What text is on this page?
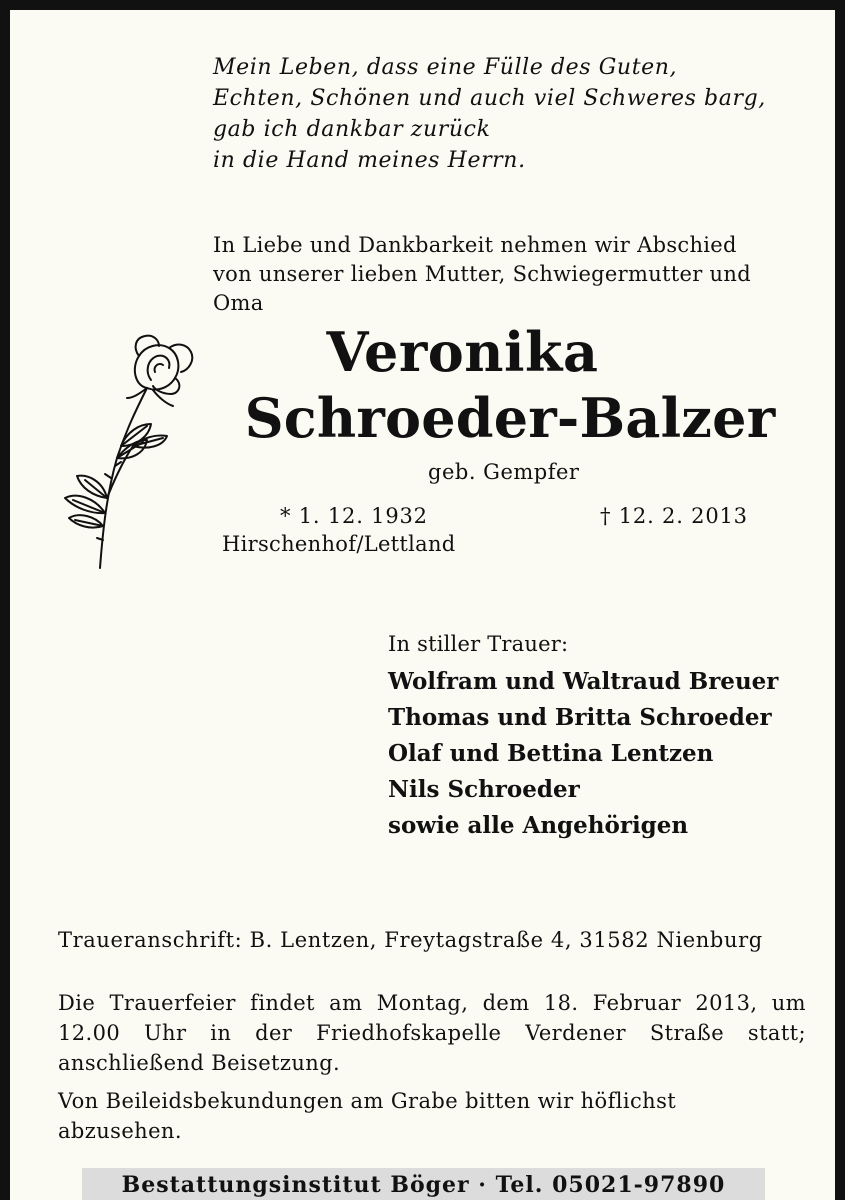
Mein Leben, dass eine Fülle des Guten,
Echten, Schönen und auch viel Schweres barg,
gab ich dankbar zurück
in die Hand meines Herrn.
In Liebe und Dankbarkeit nehmen wir Abschied
von unserer lieben Mutter, Schwiegermutter und
Oma
Veronika
Schroeder-Balzer
geb. Gempfer
* 1. 12. 1932	† 12. 2. 2013
Hirschenhof/Lettland
In stiller Trauer:
Wolfram und Waltraud Breuer
Thomas und Britta Schroeder
Olaf und Bettina Lentzen
Nils Schroeder
sowie alle Angehörigen
Traueranschrift: B. Lentzen, Freytagstraße 4, 31582 Nienburg
Die Trauerfeier findet am Montag, dem 18. Februar 2013, um 12.00 Uhr in der Friedhofskapelle Verdener Straße statt; anschließend Beisetzung.
Von Beileidsbekundungen am Grabe bitten wir höflichst abzusehen.
Bestattungsinstitut Böger · Tel. 05021-97890
